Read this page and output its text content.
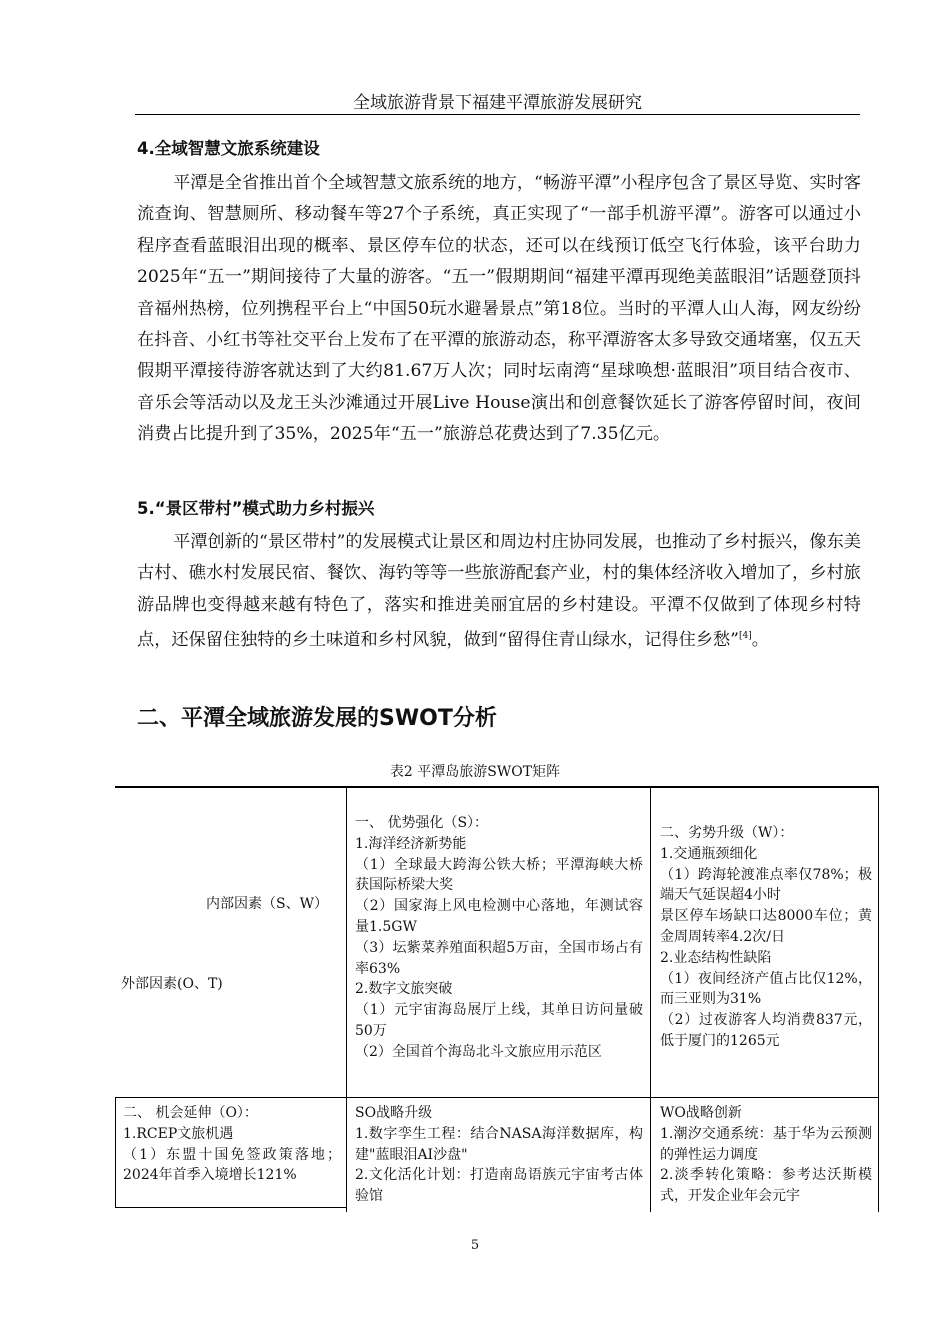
全域旅游背景下福建平潭旅游发展研究
4.全域智慧文旅系统建设

平潭是全省推出首个全域智慧文旅系统的地方，“畅游平潭”小程序包含了景区导览、实时客流查询、智慧厕所、移动餐车等27个子系统，真正实现了“一部手机游平潭”。游客可以通过小程序查看蓝眼泪出现的概率、景区停车位的状态，还可以在线预订低空飞行体验，该平台助力2025年“五一”期间接待了大量的游客。“五一”假期期间“福建平潭再现绝美蓝眼泪”话题登顶抖音福州热榜，位列携程平台上“中国50玩水避暑景点”第18位。当时的平潭人山人海，网友纷纷在抖音、小红书等社交平台上发布了在平潭的旅游动态，称平潭游客太多导致交通堵塞，仅五天假期平潭接待游客就达到了大约81.67万人次；同时坛南湾“星球唤想·蓝眼泪”项目结合夜市、音乐会等活动以及龙王头沙滩通过开展Live House演出和创意餐饮延长了游客停留时间，夜间消费占比提升到了35%，2025年“五一”旅游总花费达到了7.35亿元。

5.“景区带村”模式助力乡村振兴

平潭创新的“景区带村”的发展模式让景区和周边村庄协同发展，也推动了乡村振兴，像东美古村、礁水村发展民宿、餐饮、海钓等等一些旅游配套产业，村的集体经济收入增加了，乡村旅游品牌也变得越来越有特色了，落实和推进美丽宜居的乡村建设。平潭不仅做到了体现乡村特点，还保留住独特的乡土味道和乡村风貌，做到“留得住青山绿水，记得住乡愁”[4]。

二、平潭全域旅游发展的SWOT分析
表2 平潭岛旅游SWOT矩阵
内部因素（S、W）
外部因素(O、T)

一、 优势强化（S）：

1.海洋经济新势能

（1）全球最大跨海公铁大桥；平潭海峡大桥获国际桥梁大奖

（2）国家海上风电检测中心落地，年测试容量1.5GW

（3）坛紫菜养殖面积超5万亩，全国市场占有率63%

2.数字文旅突破

（1）元宇宙海岛展厅上线，其单日访问量破50万

（2）全国首个海岛北斗文旅应用示范区

二、劣势升级（W）：

1.交通瓶颈细化

（1）跨海轮渡准点率仅78%；极端天气延误超4小时

景区停车场缺口达8000车位；黄金周周转率4.2次/日

2.业态结构性缺陷

（1）夜间经济产值占比仅12%，而三亚则为31%

（2）过夜游客人均消费837元，低于厦门的1265元

二、 机会延伸（O）：

1.RCEP文旅机遇

（1）东盟十国免签政策落地；2024年首季入境增长121%

SO战略升级

1.数字孪生工程：结合NASA海洋数据库，构建"蓝眼泪AI沙盘"

2.文化活化计划：打造南岛语族元宇宙考古体验馆

WO战略创新

1.潮汐交通系统：基于华为云预测的弹性运力调度

2.淡季转化策略：参考达沃斯模式，开发企业年会元宇

5
